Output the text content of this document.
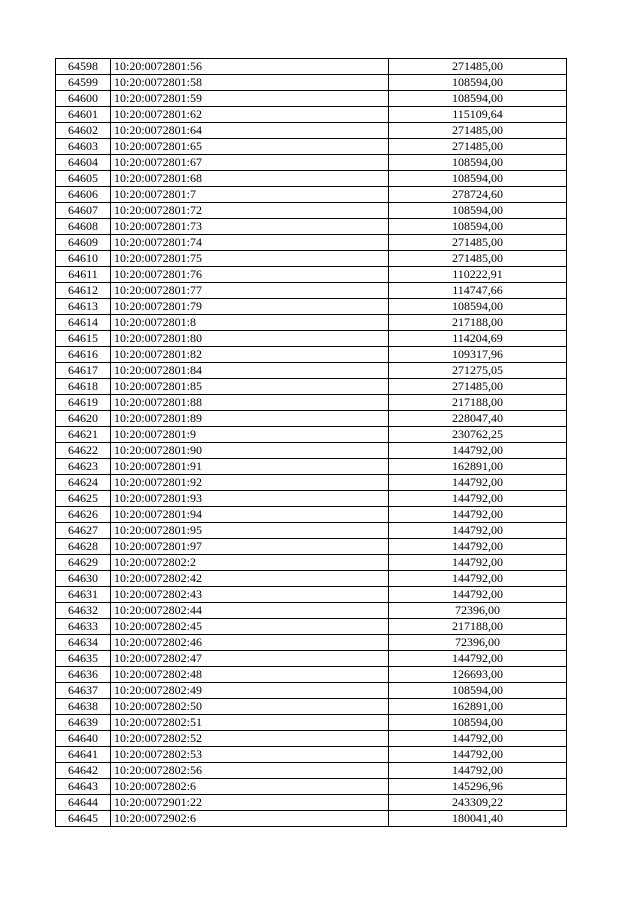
64598	10:20:0072801:56	271485,00
64599	10:20:0072801:58	108594,00
64600	10:20:0072801:59	108594,00
64601	10:20:0072801:62	115109,64
64602	10:20:0072801:64	271485,00
64603	10:20:0072801:65	271485,00
64604	10:20:0072801:67	108594,00
64605	10:20:0072801:68	108594,00
64606	10:20:0072801:7	278724,60
64607	10:20:0072801:72	108594,00
64608	10:20:0072801:73	108594,00
64609	10:20:0072801:74	271485,00
64610	10:20:0072801:75	271485,00
64611	10:20:0072801:76	110222,91
64612	10:20:0072801:77	114747,66
64613	10:20:0072801:79	108594,00
64614	10:20:0072801:8	217188,00
64615	10:20:0072801:80	114204,69
64616	10:20:0072801:82	109317,96
64617	10:20:0072801:84	271275,05
64618	10:20:0072801:85	271485,00
64619	10:20:0072801:88	217188,00
64620	10:20:0072801:89	228047,40
64621	10:20:0072801:9	230762,25
64622	10:20:0072801:90	144792,00
64623	10:20:0072801:91	162891,00
64624	10:20:0072801:92	144792,00
64625	10:20:0072801:93	144792,00
64626	10:20:0072801:94	144792,00
64627	10:20:0072801:95	144792,00
64628	10:20:0072801:97	144792,00
64629	10:20:0072802:2	144792,00
64630	10:20:0072802:42	144792,00
64631	10:20:0072802:43	144792,00
64632	10:20:0072802:44	72396,00
64633	10:20:0072802:45	217188,00
64634	10:20:0072802:46	72396,00
64635	10:20:0072802:47	144792,00
64636	10:20:0072802:48	126693,00
64637	10:20:0072802:49	108594,00
64638	10:20:0072802:50	162891,00
64639	10:20:0072802:51	108594,00
64640	10:20:0072802:52	144792,00
64641	10:20:0072802:53	144792,00
64642	10:20:0072802:56	144792,00
64643	10:20:0072802:6	145296,96
64644	10:20:0072901:22	243309,22
64645	10:20:0072902:6	180041,40
